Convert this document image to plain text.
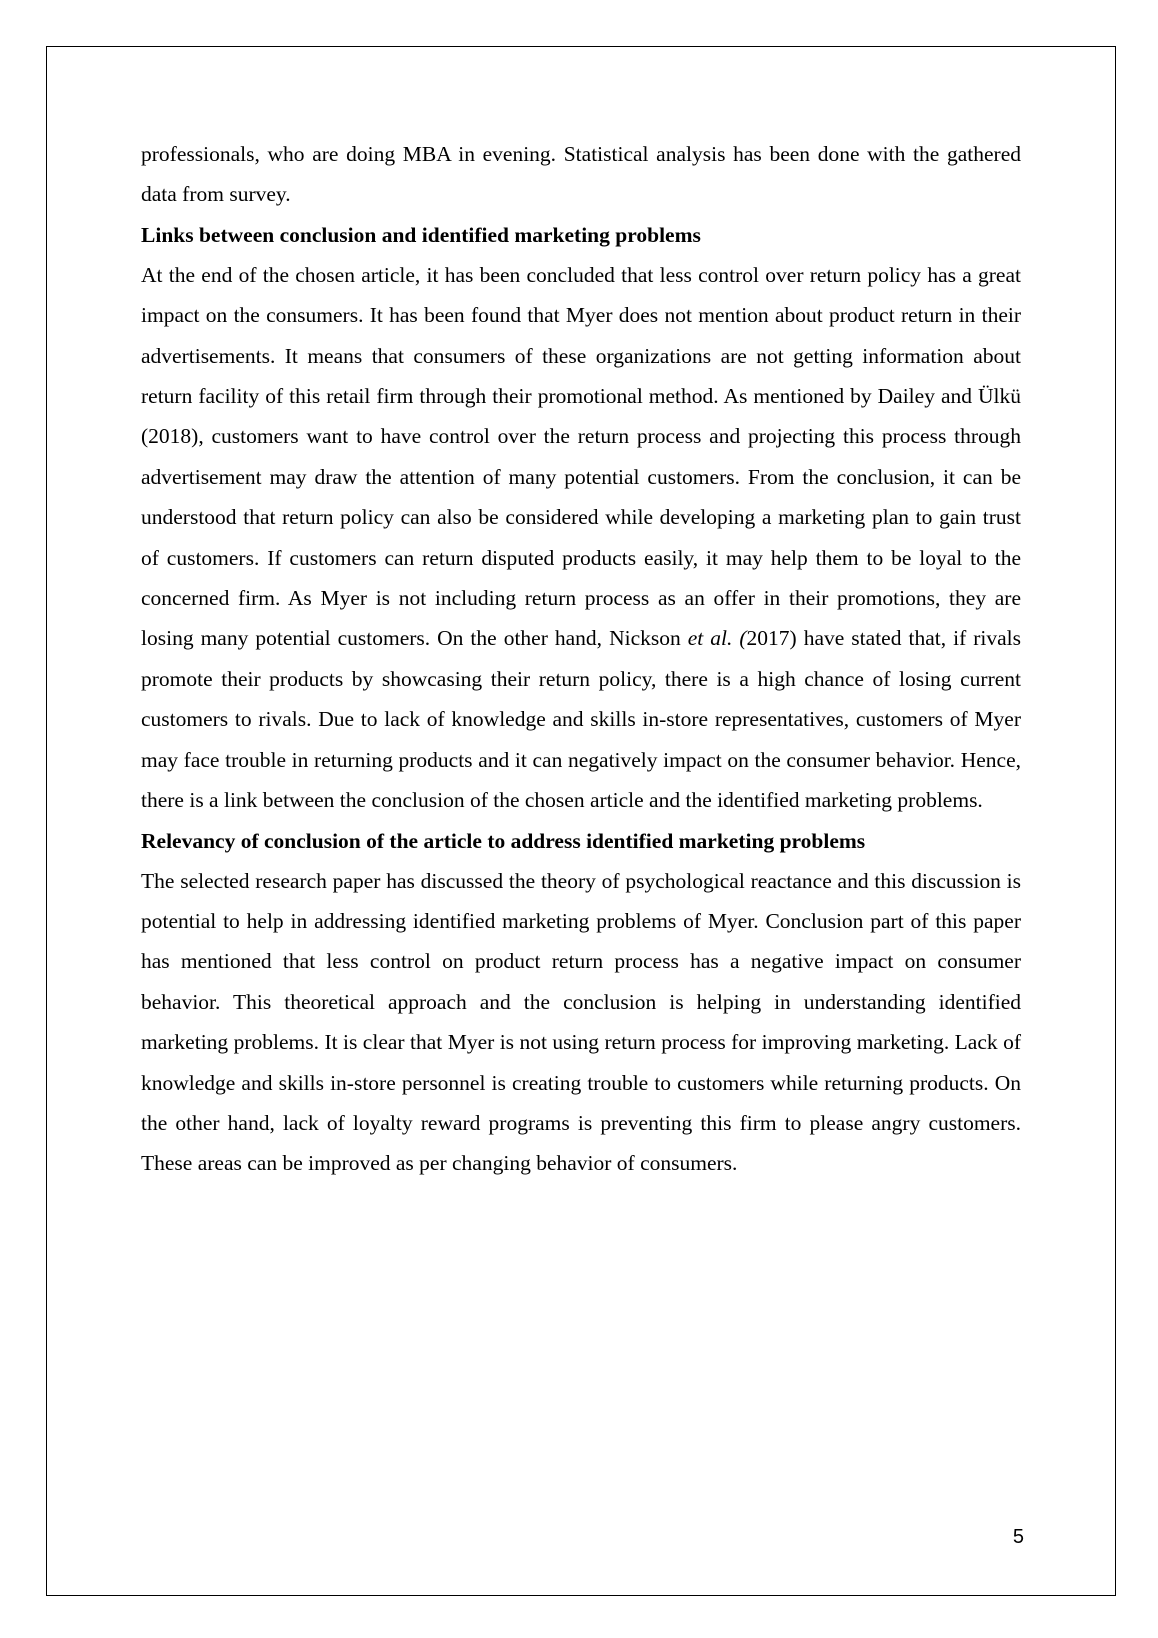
professionals, who are doing MBA in evening. Statistical analysis has been done with the gathered data from survey.

Links between conclusion and identified marketing problems

At the end of the chosen article, it has been concluded that less control over return policy has a great impact on the consumers. It has been found that Myer does not mention about product return in their advertisements. It means that consumers of these organizations are not getting information about return facility of this retail firm through their promotional method. As mentioned by Dailey and Ülkü (2018), customers want to have control over the return process and projecting this process through advertisement may draw the attention of many potential customers. From the conclusion, it can be understood that return policy can also be considered while developing a marketing plan to gain trust of customers. If customers can return disputed products easily, it may help them to be loyal to the concerned firm. As Myer is not including return process as an offer in their promotions, they are losing many potential customers. On the other hand, Nickson et al. (2017) have stated that, if rivals promote their products by showcasing their return policy, there is a high chance of losing current customers to rivals. Due to lack of knowledge and skills in-store representatives, customers of Myer may face trouble in returning products and it can negatively impact on the consumer behavior. Hence, there is a link between the conclusion of the chosen article and the identified marketing problems.

Relevancy of conclusion of the article to address identified marketing problems

The selected research paper has discussed the theory of psychological reactance and this discussion is potential to help in addressing identified marketing problems of Myer. Conclusion part of this paper has mentioned that less control on product return process has a negative impact on consumer behavior. This theoretical approach and the conclusion is helping in understanding identified marketing problems. It is clear that Myer is not using return process for improving marketing. Lack of knowledge and skills in-store personnel is creating trouble to customers while returning products. On the other hand, lack of loyalty reward programs is preventing this firm to please angry customers. These areas can be improved as per changing behavior of consumers.

5
